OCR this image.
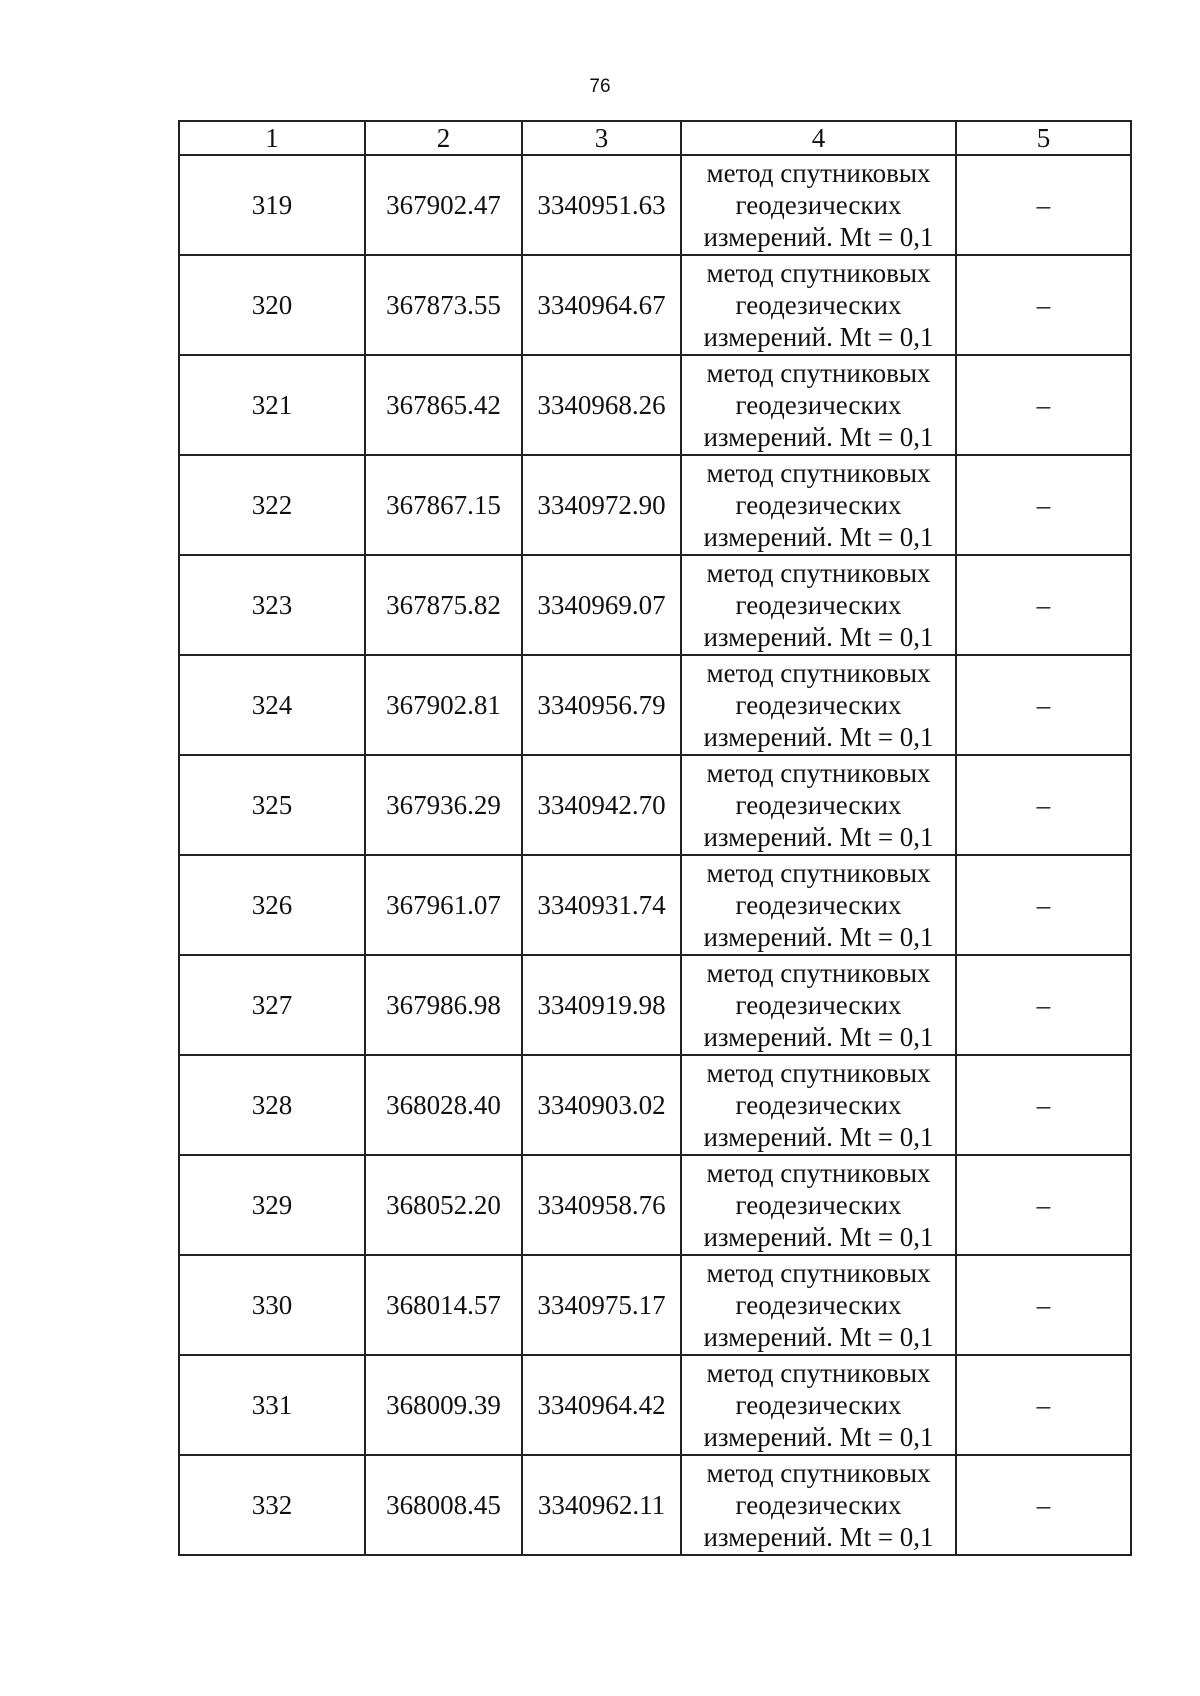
76
1	2	3	4	5
319	367902.47	3340951.63	метод спутниковых
геодезических
измерений. Mt = 0,1	–
320	367873.55	3340964.67	метод спутниковых
геодезических
измерений. Mt = 0,1	–
321	367865.42	3340968.26	метод спутниковых
геодезических
измерений. Mt = 0,1	–
322	367867.15	3340972.90	метод спутниковых
геодезических
измерений. Mt = 0,1	–
323	367875.82	3340969.07	метод спутниковых
геодезических
измерений. Mt = 0,1	–
324	367902.81	3340956.79	метод спутниковых
геодезических
измерений. Mt = 0,1	–
325	367936.29	3340942.70	метод спутниковых
геодезических
измерений. Mt = 0,1	–
326	367961.07	3340931.74	метод спутниковых
геодезических
измерений. Mt = 0,1	–
327	367986.98	3340919.98	метод спутниковых
геодезических
измерений. Mt = 0,1	–
328	368028.40	3340903.02	метод спутниковых
геодезических
измерений. Mt = 0,1	–
329	368052.20	3340958.76	метод спутниковых
геодезических
измерений. Mt = 0,1	–
330	368014.57	3340975.17	метод спутниковых
геодезических
измерений. Mt = 0,1	–
331	368009.39	3340964.42	метод спутниковых
геодезических
измерений. Mt = 0,1	–
332	368008.45	3340962.11	метод спутниковых
геодезических
измерений. Mt = 0,1	–
